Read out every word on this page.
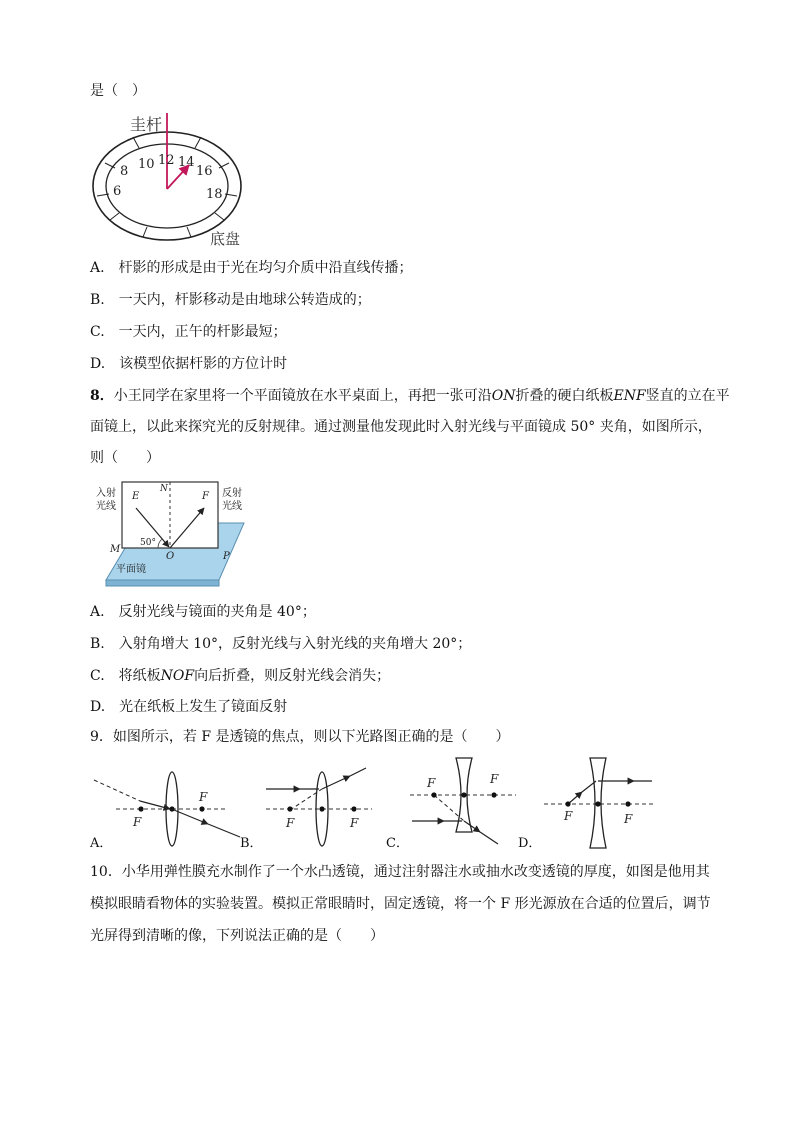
是（　）
圭杆
6
8 10 12 14
16
18
底盘
A.　杆影的形成是由于光在均匀介质中沿直线传播；
B.　一天内，杆影移动是由地球公转造成的；
C.　一天内，正午的杆影最短；
D.　该模型依据杆影的方位计时
8．小王同学在家里将一个平面镜放在水平桌面上，再把一张可沿ON折叠的硬白纸板ENF竖直的立在平
面镜上，以此来探究光的反射规律。通过测量他发现此时入射光线与平面镜成 50° 夹角，如图所示，
则（　　）
入射
光线
反射
光线
E	F
N
M
O	P
50°
平面镜
A.　反射光线与镜面的夹角是 40°；
B.　入射角增大 10°，反射光线与入射光线的夹角增大 20°；
C.　将纸板NOF向后折叠，则反射光线会消失；
D.　光在纸板上发生了镜面反射
9．如图所示，若 F 是透镜的焦点，则以下光路图正确的是（　　）
F
F
A．
F	F
B．
F	F
C．
F	F
D．
10．小华用弹性膜充水制作了一个水凸透镜，通过注射器注水或抽水改变透镜的厚度，如图是他用其
模拟眼睛看物体的实验装置。模拟正常眼睛时，固定透镜，将一个 F 形光源放在合适的位置后，调节
光屏得到清晰的像，下列说法正确的是（　　）
